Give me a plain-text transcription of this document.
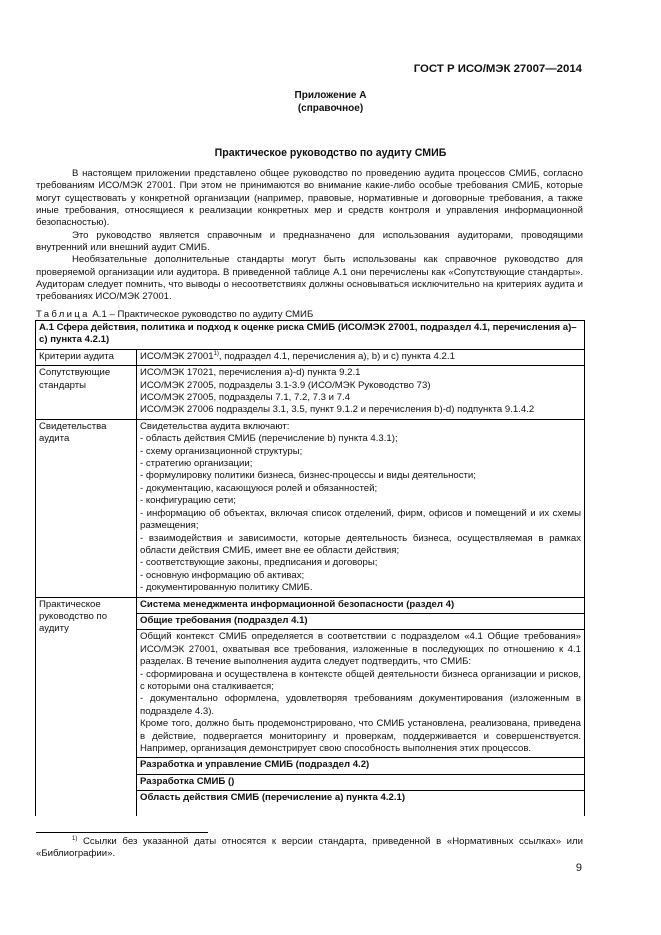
ГОСТ Р ИСО/МЭК 27007—2014
Приложение А
(справочное)
Практическое руководство по аудиту СМИБ

В настоящем приложении представлено общее руководство по проведению аудита процессов СМИБ, согласно требованиям ИСО/МЭК 27001. При этом не принимаются во внимание какие-либо особые требования СМИБ, которые могут существовать у конкретной организации (например, правовые, нормативные и договорные требования, а также иные требования, относящиеся к реализации конкретных мер и средств контроля и управления информационной безопасностью).

Это руководство является справочным и предназначено для использования аудиторами, проводящими внутренний или внешний аудит СМИБ.

Необязательные дополнительные стандарты могут быть использованы как справочное руководство для проверяемой организации или аудитора. В приведенной таблице А.1 они перечислены как «Сопутствующие стандарты». Аудиторам следует помнить, что выводы о несоответствиях должны основываться исключительно на критериях аудита и требованиях ИСО/МЭК 27001.

Таблица А.1 – Практическое руководство по аудиту СМИБ
А.1 Сфера действия, политика и подход к оценке риска СМИБ (ИСО/МЭК 27001, подраздел 4.1, перечисления а)–с) пункта 4.2.1)
Критерии аудита	ИСО/МЭК 27001$^{1)}$, подраздел 4.1, перечисления a), b) и c) пункта 4.2.1
Сопутствующие стандарты
ИСО/МЭК 17021, перечисления a)-d) пункта 9.2.1
ИСО/МЭК 27005, подразделы 3.1-3.9 (ИСО/МЭК Руководство 73)
ИСО/МЭК 27005, подразделы 7.1, 7.2, 7.3 и 7.4
ИСО/МЭК 27006 подразделы 3.1, 3.5, пункт 9.1.2 и перечисления b)-d) подпункта 9.1.4.2
Свидетельства аудита
Свидетельства аудита включают:
- область действия СМИБ (перечисление b) пункта 4.3.1);
- схему организационной структуры;
- стратегию организации;
- формулировку политики бизнеса, бизнес-процессы и виды деятельности;
- документацию, касающуюся ролей и обязанностей;
- конфигурацию сети;
- информацию об объектах, включая список отделений, фирм, офисов и помещений и их схемы размещения;
- взаимодействия и зависимости, которые деятельность бизнеса, осуществляемая в рамках области действия СМИБ, имеет вне ее области действия;
- соответствующие законы, предписания и договоры;
- основную информацию об активах;
- документированную политику СМИБ.
Практическое руководство по аудиту
Система менеджмента информационной безопасности (раздел 4)
Общие требования (подраздел 4.1)
Общий контекст СМИБ определяется в соответствии с подразделом «4.1 Общие требования» ИСО/МЭК 27001, охватывая все требования, изложенные в последующих по отношению к 4.1 разделах. В течение выполнения аудита следует подтвердить, что СМИБ:
- сформирована и осуществлена в контексте общей деятельности бизнеса организации и рисков, с которыми она сталкивается;
- документально оформлена, удовлетворяя требованиям документирования (изложенным в подразделе 4.3).
Кроме того, должно быть продемонстрировано, что СМИБ установлена, реализована, приведена в действие, подвергается мониторингу и проверкам, поддерживается и совершенствуется. Например, организация демонстрирует свою способность выполнения этих процессов.
Разработка и управление СМИБ (подраздел 4.2)
Разработка СМИБ ()
Область действия СМИБ (перечисление a) пункта 4.2.1)
$^{1)}$ Ссылки без указанной даты относятся к версии стандарта, приведенной в «Нормативных ссылках» или «Библиографии».
9
